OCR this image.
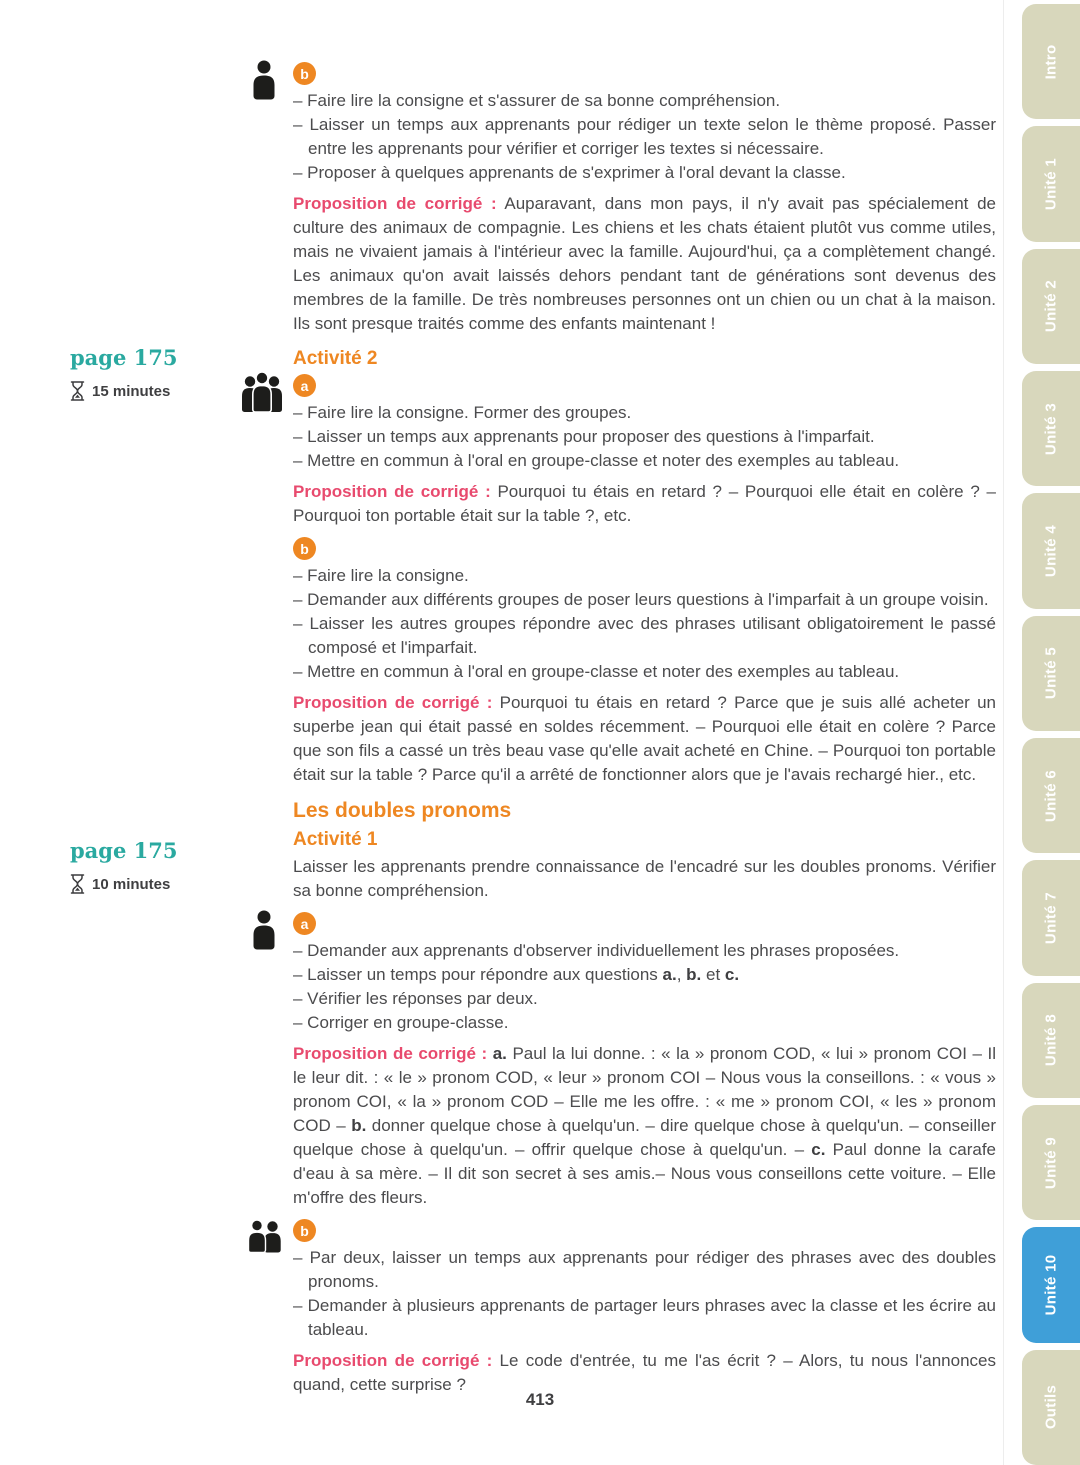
Intro
Unité 1
Unité 2
Unité 3
Unité 4
Unité 5
Unité 6
Unité 7
Unité 8
Unité 9
Unité 10
Outils
page 175
15 minutes
page 175
10 minutes
b

– Faire lire la consigne et s'assurer de sa bonne compréhension.

– Laisser un temps aux apprenants pour rédiger un texte selon le thème proposé. Passer entre les apprenants pour vérifier et corriger les textes si nécessaire.

– Proposer à quelques apprenants de s'exprimer à l'oral devant la classe.

Proposition de corrigé : Auparavant, dans mon pays, il n'y avait pas spécialement de culture des animaux de compagnie. Les chiens et les chats étaient plutôt vus comme utiles, mais ne vivaient jamais à l'intérieur avec la famille. Aujourd'hui, ça a complètement changé. Les animaux qu'on avait laissés dehors pendant tant de générations sont devenus des membres de la famille. De très nombreuses personnes ont un chien ou un chat à la maison. Ils sont presque traités comme des enfants maintenant !

Activité 2
a

– Faire lire la consigne. Former des groupes.

– Laisser un temps aux apprenants pour proposer des questions à l'imparfait.

– Mettre en commun à l'oral en groupe-classe et noter des exemples au tableau.

Proposition de corrigé : Pourquoi tu étais en retard ? – Pourquoi elle était en colère ? – Pourquoi ton portable était sur la table ?, etc.

b

– Faire lire la consigne.

– Demander aux différents groupes de poser leurs questions à l'imparfait à un groupe voisin.

– Laisser les autres groupes répondre avec des phrases utilisant obligatoirement le passé composé et l'imparfait.

– Mettre en commun à l'oral en groupe-classe et noter des exemples au tableau.

Proposition de corrigé : Pourquoi tu étais en retard ? Parce que je suis allé acheter un superbe jean qui était passé en soldes récemment. – Pourquoi elle était en colère ? Parce que son fils a cassé un très beau vase qu'elle avait acheté en Chine. – Pourquoi ton portable était sur la table ? Parce qu'il a arrêté de fonctionner alors que je l'avais rechargé hier., etc.

Les doubles pronoms
Activité 1

Laisser les apprenants prendre connaissance de l'encadré sur les doubles pronoms. Vérifier sa bonne compréhension.

a

– Demander aux apprenants d'observer individuellement les phrases proposées.

– Laisser un temps pour répondre aux questions a., b. et c.

– Vérifier les réponses par deux.

– Corriger en groupe-classe.

Proposition de corrigé : a. Paul la lui donne. : « la » pronom COD, « lui » pronom COI – Il le leur dit. : « le » pronom COD, « leur » pronom COI – Nous vous la conseillons. : « vous » pronom COI, « la » pronom COD – Elle me les offre. : « me » pronom COI, « les » pronom COD – b. donner quelque chose à quelqu'un. – dire quelque chose à quelqu'un. – conseiller quelque chose à quelqu'un. – offrir quelque chose à quelqu'un. – c. Paul donne la carafe d'eau à sa mère. – Il dit son secret à ses amis.– Nous vous conseillons cette voiture. – Elle m'offre des fleurs.

b

– Par deux, laisser un temps aux apprenants pour rédiger des phrases avec des doubles pronoms.

– Demander à plusieurs apprenants de partager leurs phrases avec la classe et les écrire au tableau.

Proposition de corrigé : Le code d'entrée, tu me l'as écrit ? – Alors, tu nous l'annonces quand, cette surprise ?

413
